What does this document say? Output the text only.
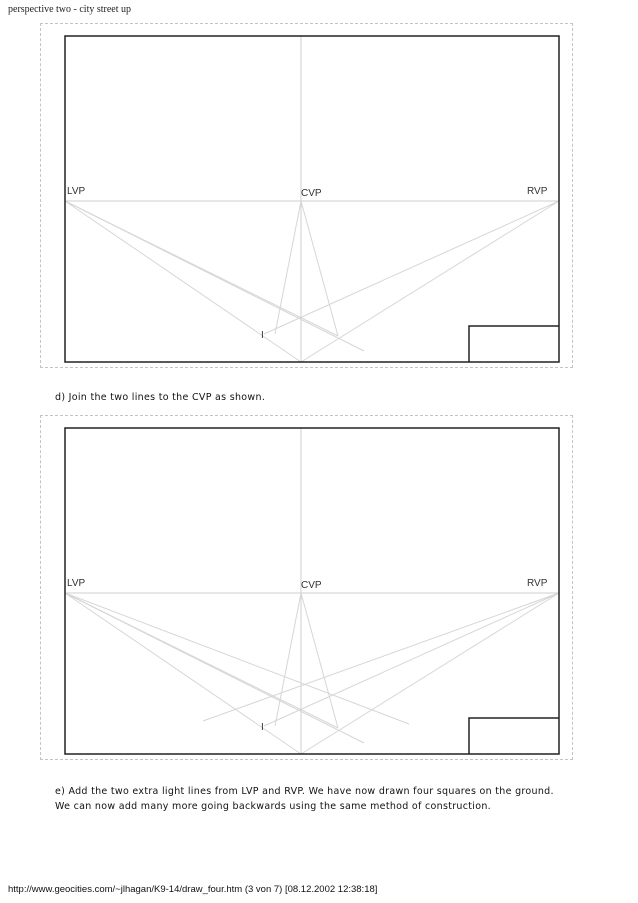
perspective two - city street up
LVP	CVP	RVP
I
d) Join the two lines to the CVP as shown.
LVP	CVP	RVP
I
e) Add the two extra light lines from LVP and RVP. We have now drawn four squares on the ground.
We can now add many more going backwards using the same method of construction.
http://www.geocities.com/~jlhagan/K9-14/draw_four.htm (3 von 7) [08.12.2002 12:38:18]
